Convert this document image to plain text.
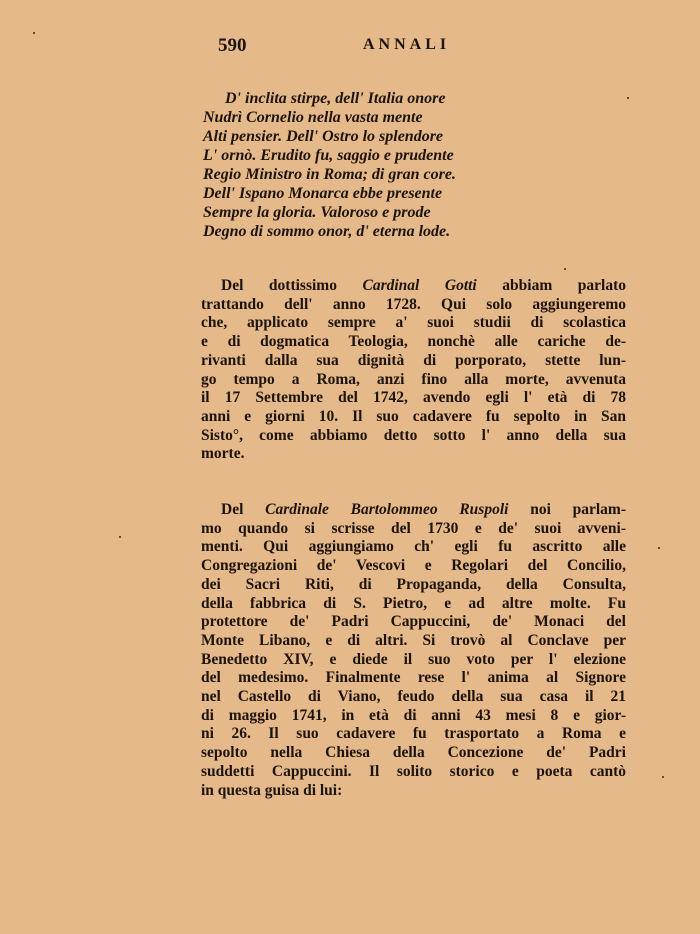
590	ANNALI
D' inclita stirpe, dell' Italia onore
Nudrì Cornelio nella vasta mente
Alti pensier. Dell' Ostro lo splendore
L' ornò. Erudito fu, saggio e prudente
Regio Ministro in Roma; di gran core.
Dell' Ispano Monarca ebbe presente
Sempre la gloria. Valoroso e prode
Degno di sommo onor, d' eterna lode.
Del dottissimo Cardinal Gotti abbiam parlato
trattando dell' anno 1728. Qui solo aggiungeremo
che, applicato sempre a' suoi studii di scolastica
e di dogmatica Teologia, nonchè alle cariche de-
rivanti dalla sua dignità di porporato, stette lun-
go tempo a Roma, anzi fino alla morte, avvenuta
il 17 Settembre del 1742, avendo egli l' età di 78
anni e giorni 10. Il suo cadavere fu sepolto in San
Sisto°, come abbiamo detto sotto l' anno della sua
morte.
Del Cardinale Bartolommeo Ruspoli noi parlam-
mo quando si scrisse del 1730 e de' suoi avveni-
menti. Qui aggiungiamo ch' egli fu ascritto alle
Congregazioni de' Vescovi e Regolari del Concilio,
dei Sacri Riti, di Propaganda, della Consulta,
della fabbrica di S. Pietro, e ad altre molte. Fu
protettore de' Padri Cappuccini, de' Monaci del
Monte Libano, e di altri. Si trovò al Conclave per
Benedetto XIV, e diede il suo voto per l' elezione
del medesimo. Finalmente rese l' anima al Signore
nel Castello di Viano, feudo della sua casa il 21
di maggio 1741, in età di anni 43 mesi 8 e gior-
ni 26. Il suo cadavere fu trasportato a Roma e
sepolto nella Chiesa della Concezione de' Padri
suddetti Cappuccini. Il solito storico e poeta cantò
in questa guisa di lui:
